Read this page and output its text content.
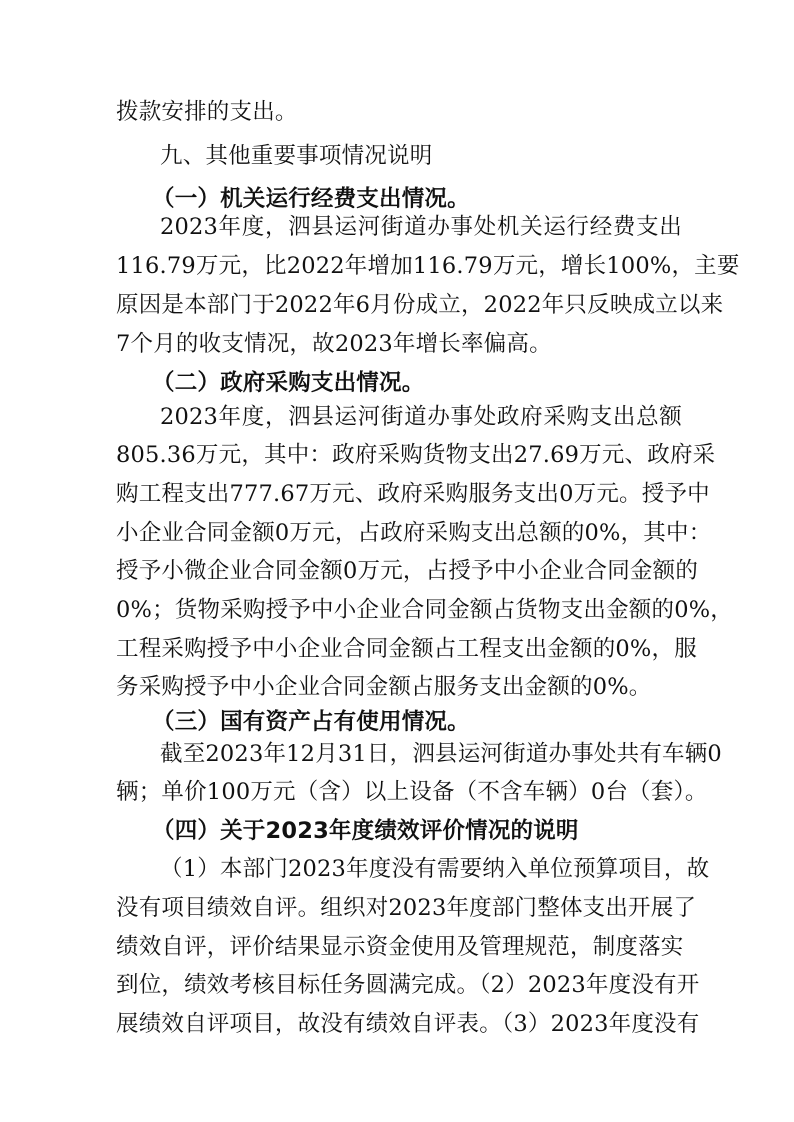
拨款安排的支出。
九、其他重要事项情况说明
（一）机关运行经费支出情况。
2023年度，泗县运河街道办事处机关运行经费支出
116.79万元，比2022年增加116.79万元，增长100%，主要
原因是本部门于2022年6月份成立，2022年只反映成立以来
7个月的收支情况，故2023年增长率偏高。
（二）政府采购支出情况。
2023年度，泗县运河街道办事处政府采购支出总额
805.36万元，其中：政府采购货物支出27.69万元、政府采
购工程支出777.67万元、政府采购服务支出0万元。授予中
小企业合同金额0万元，占政府采购支出总额的0%，其中：
授予小微企业合同金额0万元，占授予中小企业合同金额的
0%；货物采购授予中小企业合同金额占货物支出金额的0%，
工程采购授予中小企业合同金额占工程支出金额的0%，服
务采购授予中小企业合同金额占服务支出金额的0%。
（三）国有资产占有使用情况。
截至2023年12月31日，泗县运河街道办事处共有车辆0
辆；单价100万元（含）以上设备（不含车辆）0台（套）。
（四）关于2023年度绩效评价情况的说明
（1）本部门2023年度没有需要纳入单位预算项目，故
没有项目绩效自评。组织对2023年度部门整体支出开展了
绩效自评，评价结果显示资金使用及管理规范，制度落实
到位，绩效考核目标任务圆满完成。（2）2023年度没有开
展绩效自评项目，故没有绩效自评表。（3）2023年度没有
